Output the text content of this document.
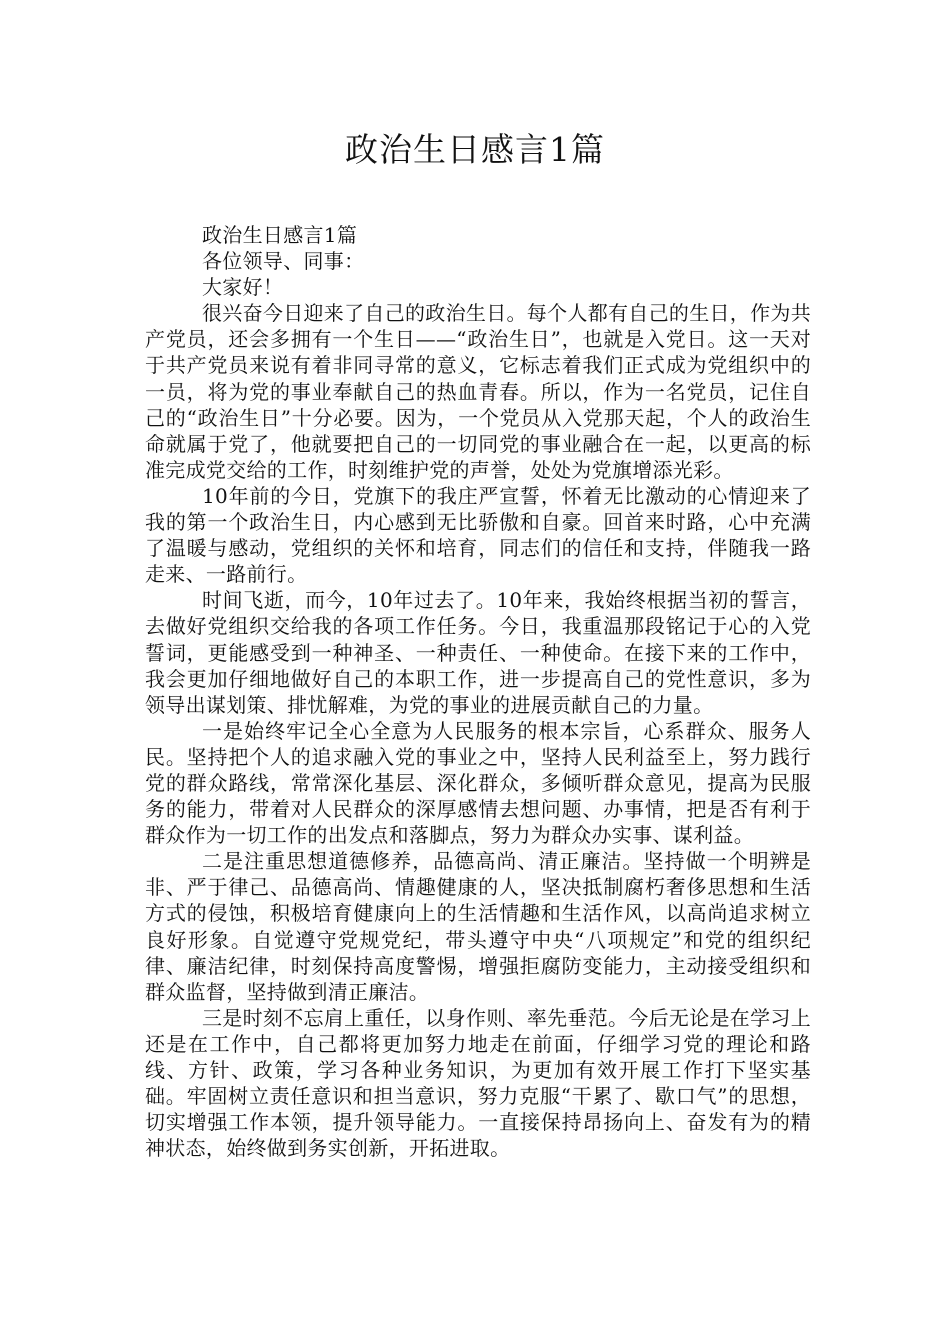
政治生日感言1篇

政治生日感言1篇

各位领导、同事：

大家好！

很兴奋今日迎来了自己的政治生日。每个人都有自己的生日，作为共产党员，还会多拥有一个生日——“政治生日”，也就是入党日。这一天对于共产党员来说有着非同寻常的意义，它标志着我们正式成为党组织中的一员，将为党的事业奉献自己的热血青春。所以，作为一名党员，记住自己的“政治生日”十分必要。因为，一个党员从入党那天起，个人的政治生命就属于党了，他就要把自己的一切同党的事业融合在一起，以更高的标准完成党交给的工作，时刻维护党的声誉，处处为党旗增添光彩。

10年前的今日，党旗下的我庄严宣誓，怀着无比激动的心情迎来了我的第一个政治生日，内心感到无比骄傲和自豪。回首来时路，心中充满了温暖与感动，党组织的关怀和培育，同志们的信任和支持，伴随我一路走来、一路前行。

时间飞逝，而今，10年过去了。10年来，我始终根据当初的誓言，去做好党组织交给我的各项工作任务。今日，我重温那段铭记于心的入党誓词，更能感受到一种神圣、一种责任、一种使命。在接下来的工作中，我会更加仔细地做好自己的本职工作，进一步提高自己的党性意识，多为领导出谋划策、排忧解难，为党的事业的进展贡献自己的力量。

一是始终牢记全心全意为人民服务的根本宗旨，心系群众、服务人民。坚持把个人的追求融入党的事业之中，坚持人民利益至上，努力践行党的群众路线，常常深化基层、深化群众，多倾听群众意见，提高为民服务的能力，带着对人民群众的深厚感情去想问题、办事情，把是否有利于群众作为一切工作的出发点和落脚点，努力为群众办实事、谋利益。

二是注重思想道德修养，品德高尚、清正廉洁。坚持做一个明辨是非、严于律己、品德高尚、情趣健康的人，坚决抵制腐朽奢侈思想和生活方式的侵蚀，积极培育健康向上的生活情趣和生活作风，以高尚追求树立良好形象。自觉遵守党规党纪，带头遵守中央“八项规定”和党的组织纪律、廉洁纪律，时刻保持高度警惕，增强拒腐防变能力，主动接受组织和群众监督，坚持做到清正廉洁。

三是时刻不忘肩上重任，以身作则、率先垂范。今后无论是在学习上还是在工作中，自己都将更加努力地走在前面，仔细学习党的理论和路线、方针、政策，学习各种业务知识，为更加有效开展工作打下坚实基础。牢固树立责任意识和担当意识，努力克服“干累了、歇口气”的思想，切实增强工作本领，提升领导能力。一直接保持昂扬向上、奋发有为的精神状态，始终做到务实创新，开拓进取。
